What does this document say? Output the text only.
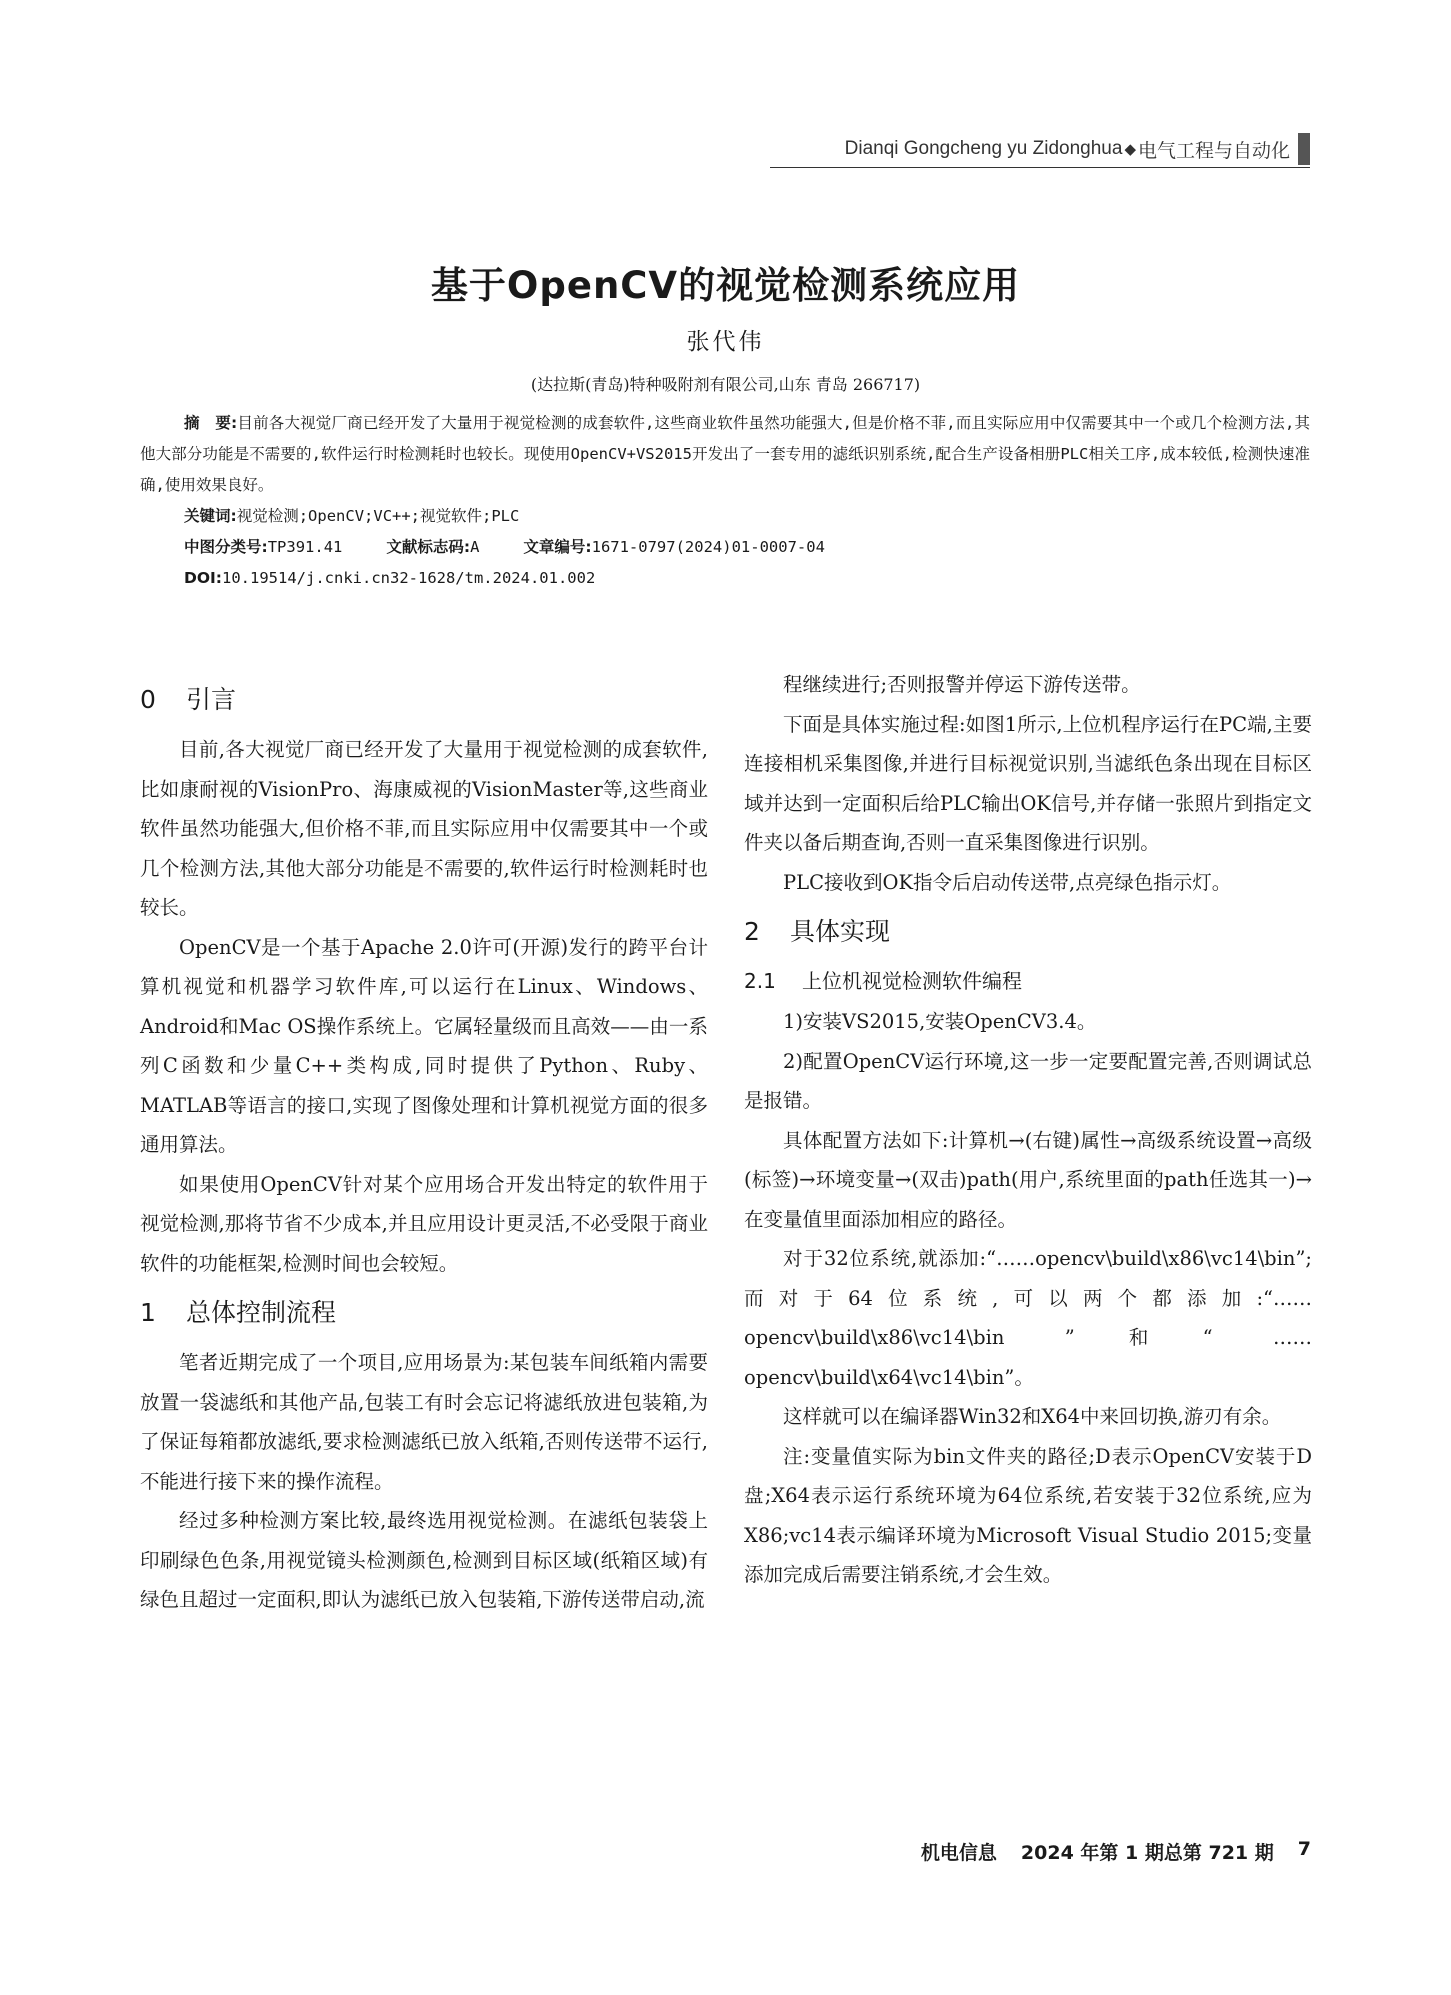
Dianqi Gongcheng yu Zidonghua ◆ 电气工程与自动化
基于OpenCV的视觉检测系统应用
张代伟
(达拉斯(青岛)特种吸附剂有限公司,山东 青岛 266717)

摘　要:目前各大视觉厂商已经开发了大量用于视觉检测的成套软件,这些商业软件虽然功能强大,但是价格不菲,而且实际应用中仅需要其中一个或几个检测方法,其他大部分功能是不需要的,软件运行时检测耗时也较长。现使用OpenCV+VS2015开发出了一套专用的滤纸识别系统,配合生产设备相册PLC相关工序,成本较低,检测快速准确,使用效果良好。

关键词:视觉检测;OpenCV;VC++;视觉软件;PLC

中图分类号:TP391.41	文献标志码:A	文章编号:1671-0797(2024)01-0007-04

DOI:10.19514/j.cnki.cn32-1628/tm.2024.01.002

0 引言

目前,各大视觉厂商已经开发了大量用于视觉检测的成套软件,比如康耐视的VisionPro、海康威视的VisionMaster等,这些商业软件虽然功能强大,但价格不菲,而且实际应用中仅需要其中一个或几个检测方法,其他大部分功能是不需要的,软件运行时检测耗时也较长。

OpenCV是一个基于Apache 2.0许可(开源)发行的跨平台计算机视觉和机器学习软件库,可以运行在Linux、Windows、Android和Mac OS操作系统上。它属轻量级而且高效——由一系列C函数和少量C++类构成,同时提供了Python、Ruby、MATLAB等语言的接口,实现了图像处理和计算机视觉方面的很多通用算法。

如果使用OpenCV针对某个应用场合开发出特定的软件用于视觉检测,那将节省不少成本,并且应用设计更灵活,不必受限于商业软件的功能框架,检测时间也会较短。

1 总体控制流程

笔者近期完成了一个项目,应用场景为:某包装车间纸箱内需要放置一袋滤纸和其他产品,包装工有时会忘记将滤纸放进包装箱,为了保证每箱都放滤纸,要求检测滤纸已放入纸箱,否则传送带不运行,不能进行接下来的操作流程。

经过多种检测方案比较,最终选用视觉检测。在滤纸包装袋上印刷绿色色条,用视觉镜头检测颜色,检测到目标区域(纸箱区域)有绿色且超过一定面积,即认为滤纸已放入包装箱,下游传送带启动,流

程继续进行;否则报警并停运下游传送带。

下面是具体实施过程:如图1所示,上位机程序运行在PC端,主要连接相机采集图像,并进行目标视觉识别,当滤纸色条出现在目标区域并达到一定面积后给PLC输出OK信号,并存储一张照片到指定文件夹以备后期查询,否则一直采集图像进行识别。

PLC接收到OK指令后启动传送带,点亮绿色指示灯。

2 具体实现
2.1 上位机视觉检测软件编程

1)安装VS2015,安装OpenCV3.4。

2)配置OpenCV运行环境,这一步一定要配置完善,否则调试总是报错。

具体配置方法如下:计算机→(右键)属性→高级系统设置→高级(标签)→环境变量→(双击)path(用户,系统里面的path任选其一)→在变量值里面添加相应的路径。

对于32位系统,就添加:“……opencv\build\x86\vc14\bin”;而对于64位系统,可以两个都添加:“……opencv\build\x86\vc14\bin ”和“ …… opencv\build\x64\vc14\bin”。

这样就可以在编译器Win32和X64中来回切换,游刃有余。

注:变量值实际为bin文件夹的路径;D表示OpenCV安装于D盘;X64表示运行系统环境为64位系统,若安装于32位系统,应为X86;vc14表示编译环境为Microsoft Visual Studio 2015;变量添加完成后需要注销系统,才会生效。

机电信息 2024 年第 1 期总第 721 期 7
